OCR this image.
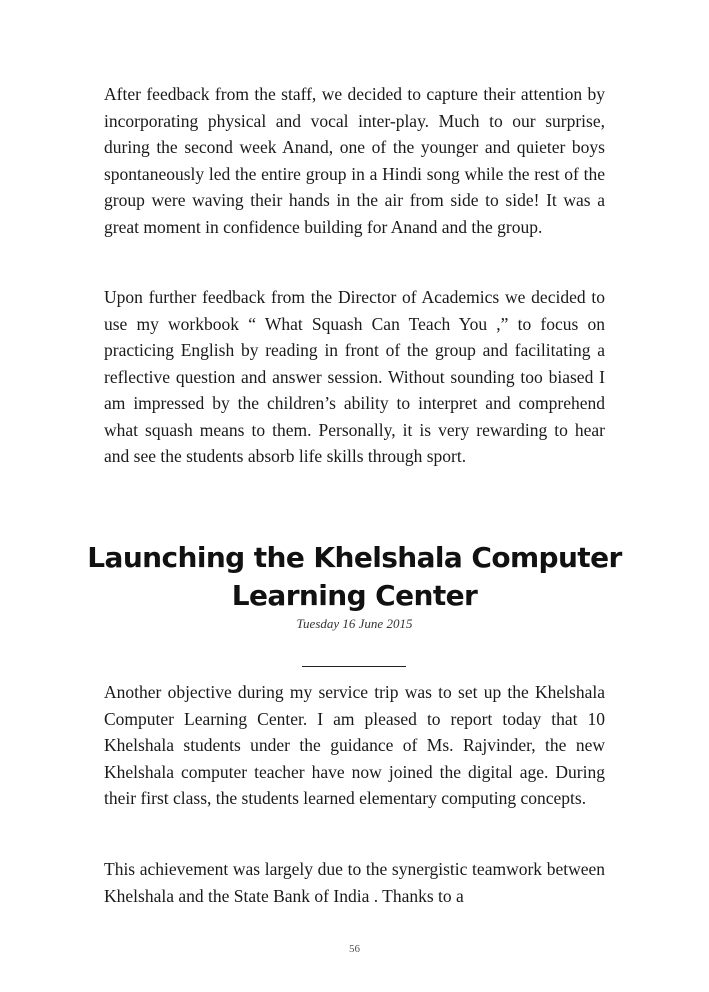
After feedback from the staff, we decided to capture their attention by incorporating physical and vocal inter-play. Much to our surprise, during the second week Anand, one of the younger and quieter boys spontaneously led the entire group in a Hindi song while the rest of the group were waving their hands in the air from side to side! It was a great moment in confidence building for Anand and the group.

Upon further feedback from the Director of Academics we decided to use my workbook “ What Squash Can Teach You ,” to focus on practicing English by reading in front of the group and facilitating a reflective question and answer session. Without sounding too biased I am impressed by the children’s ability to interpret and comprehend what squash means to them. Personally, it is very rewarding to hear and see the students absorb life skills through sport.

Launching the Khelshala Computer Learning Center

Tuesday 16 June 2015

Another objective during my service trip was to set up the Khelshala Computer Learning Center. I am pleased to report today that 10 Khelshala students under the guidance of Ms. Rajvinder, the new Khelshala computer teacher have now joined the digital age. During their first class, the students learned elementary computing concepts.

This achievement was largely due to the synergistic teamwork between Khelshala and the State Bank of India . Thanks to a

56
